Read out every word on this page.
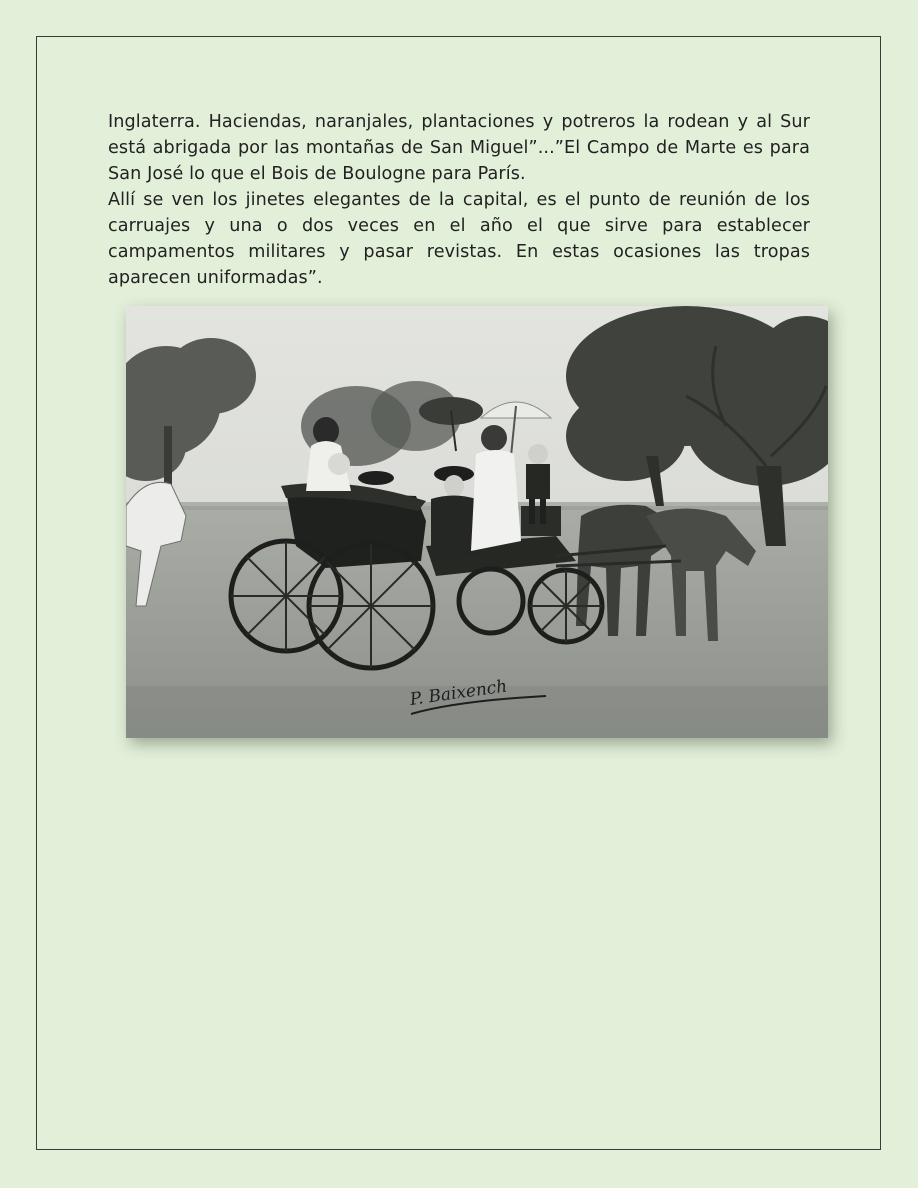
Inglaterra. Haciendas, naranjales, plantaciones y potreros la rodean y al Sur está abrigada por las montañas de San Miguel”...”El Campo de Marte es para San José lo que el Bois de Boulogne para París.

Allí se ven los jinetes elegantes de la capital, es el punto de reunión de los carruajes y una o dos veces en el año el que sirve para establecer campamentos militares y pasar revistas. En estas ocasiones las tropas aparecen uniformadas”.

P. Baixench
